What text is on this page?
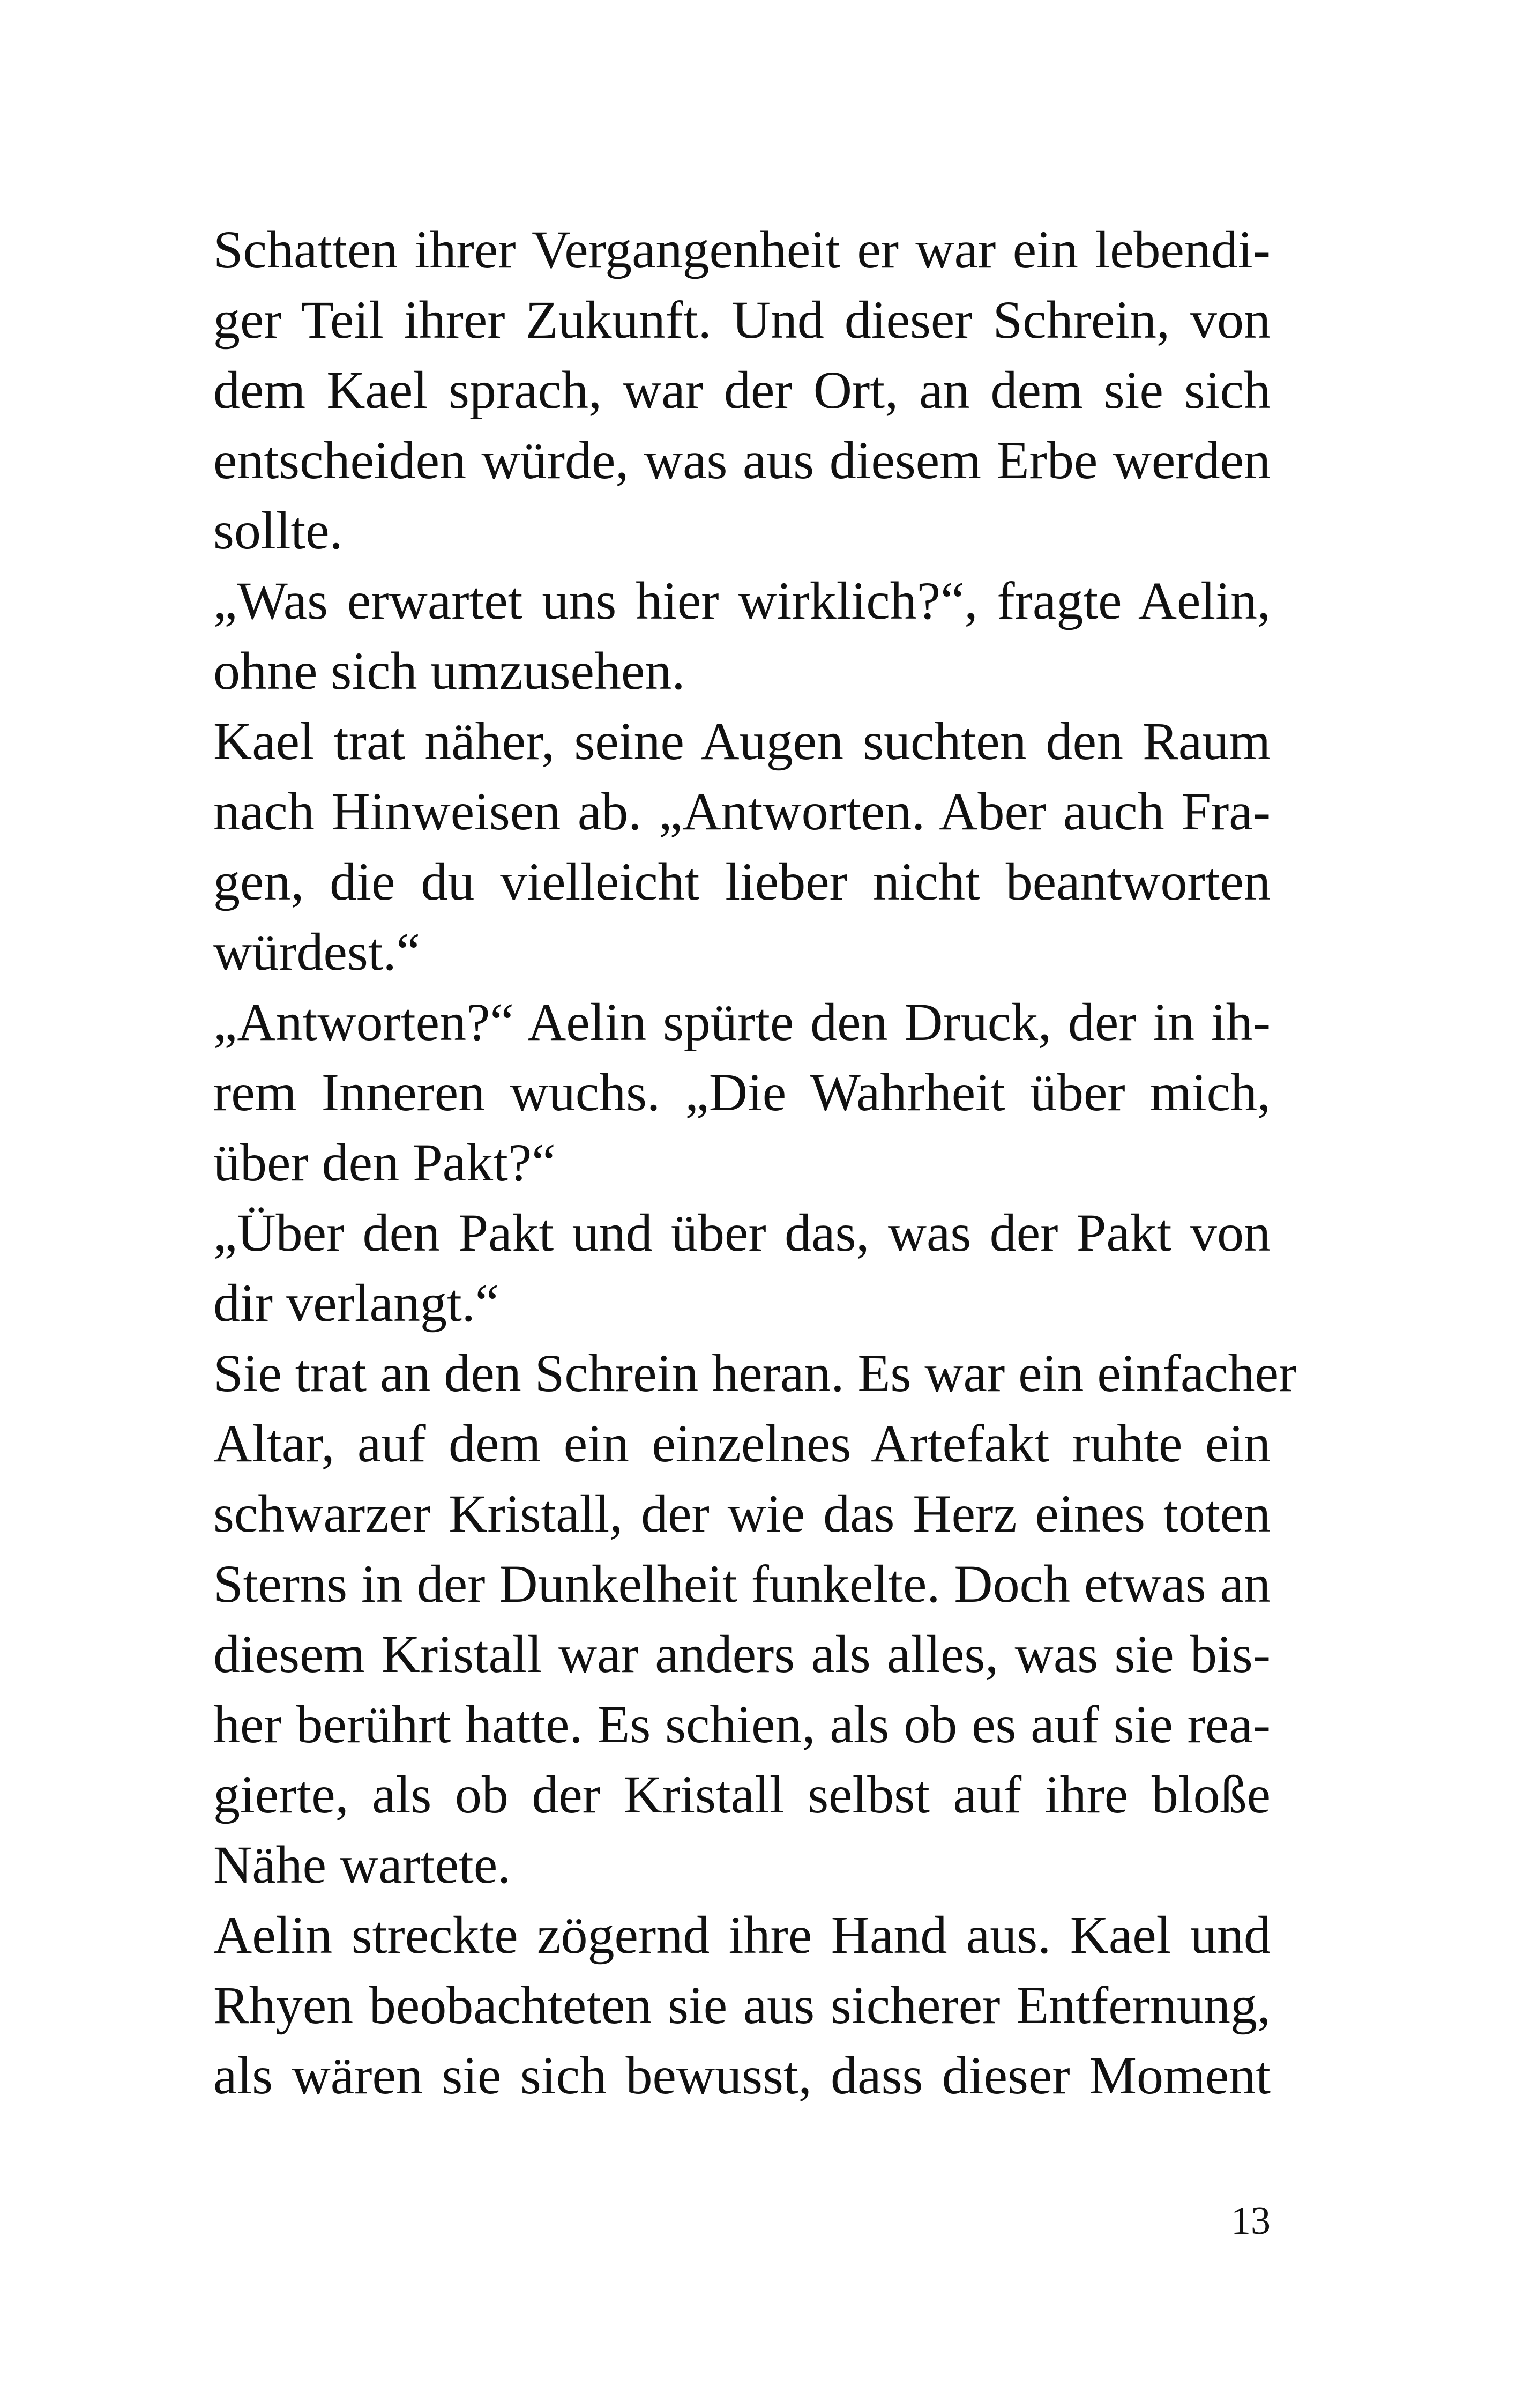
Schatten ihrer Vergangenheit er war ein lebendi-
ger Teil ihrer Zukunft. Und dieser Schrein, von
dem Kael sprach, war der Ort, an dem sie sich
entscheiden würde, was aus diesem Erbe werden
sollte.
„Was erwartet uns hier wirklich?“, fragte Aelin,
ohne sich umzusehen.
Kael trat näher, seine Augen suchten den Raum
nach Hinweisen ab. „Antworten. Aber auch Fra-
gen, die du vielleicht lieber nicht beantworten
würdest.“
„Antworten?“ Aelin spürte den Druck, der in ih-
rem Inneren wuchs. „Die Wahrheit über mich,
über den Pakt?“
„Über den Pakt und über das, was der Pakt von
dir verlangt.“
Sie trat an den Schrein heran. Es war ein einfacher
Altar, auf dem ein einzelnes Artefakt ruhte ein
schwarzer Kristall, der wie das Herz eines toten
Sterns in der Dunkelheit funkelte. Doch etwas an
diesem Kristall war anders als alles, was sie bis-
her berührt hatte. Es schien, als ob es auf sie rea-
gierte, als ob der Kristall selbst auf ihre bloße
Nähe wartete.
Aelin streckte zögernd ihre Hand aus. Kael und
Rhyen beobachteten sie aus sicherer Entfernung,
als wären sie sich bewusst, dass dieser Moment
13
